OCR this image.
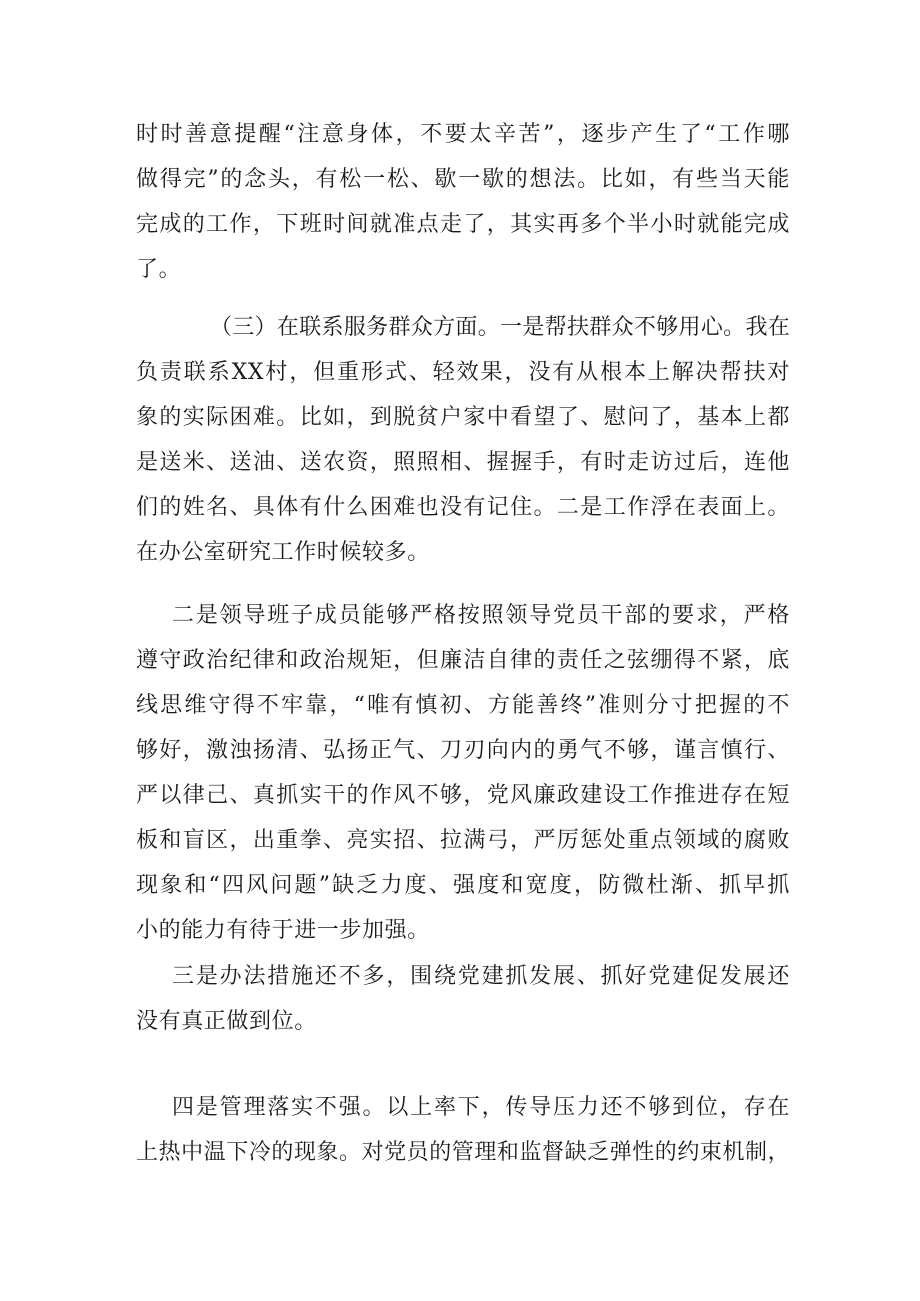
时时善意提醒“注意身体，不要太辛苦”，逐步产生了“工作哪
做得完”的念头，有松一松、歇一歇的想法。比如，有些当天能
完成的工作，下班时间就准点走了，其实再多个半小时就能完成
了。
（三）在联系服务群众方面。一是帮扶群众不够用心。我在
负责联系XX村，但重形式、轻效果，没有从根本上解决帮扶对
象的实际困难。比如，到脱贫户家中看望了、慰问了，基本上都
是送米、送油、送农资，照照相、握握手，有时走访过后，连他
们的姓名、具体有什么困难也没有记住。二是工作浮在表面上。
在办公室研究工作时候较多。
二是领导班子成员能够严格按照领导党员干部的要求，严格
遵守政治纪律和政治规矩，但廉洁自律的责任之弦绷得不紧，底
线思维守得不牢靠，“唯有慎初、方能善终”准则分寸把握的不
够好，激浊扬清、弘扬正气、刀刃向内的勇气不够，谨言慎行、
严以律己、真抓实干的作风不够，党风廉政建设工作推进存在短
板和盲区，出重拳、亮实招、拉满弓，严厉惩处重点领域的腐败
现象和“四风问题”缺乏力度、强度和宽度，防微杜渐、抓早抓
小的能力有待于进一步加强。
三是办法措施还不多，围绕党建抓发展、抓好党建促发展还
没有真正做到位。
四是管理落实不强。以上率下，传导压力还不够到位，存在
上热中温下冷的现象。对党员的管理和监督缺乏弹性的约束机制，
